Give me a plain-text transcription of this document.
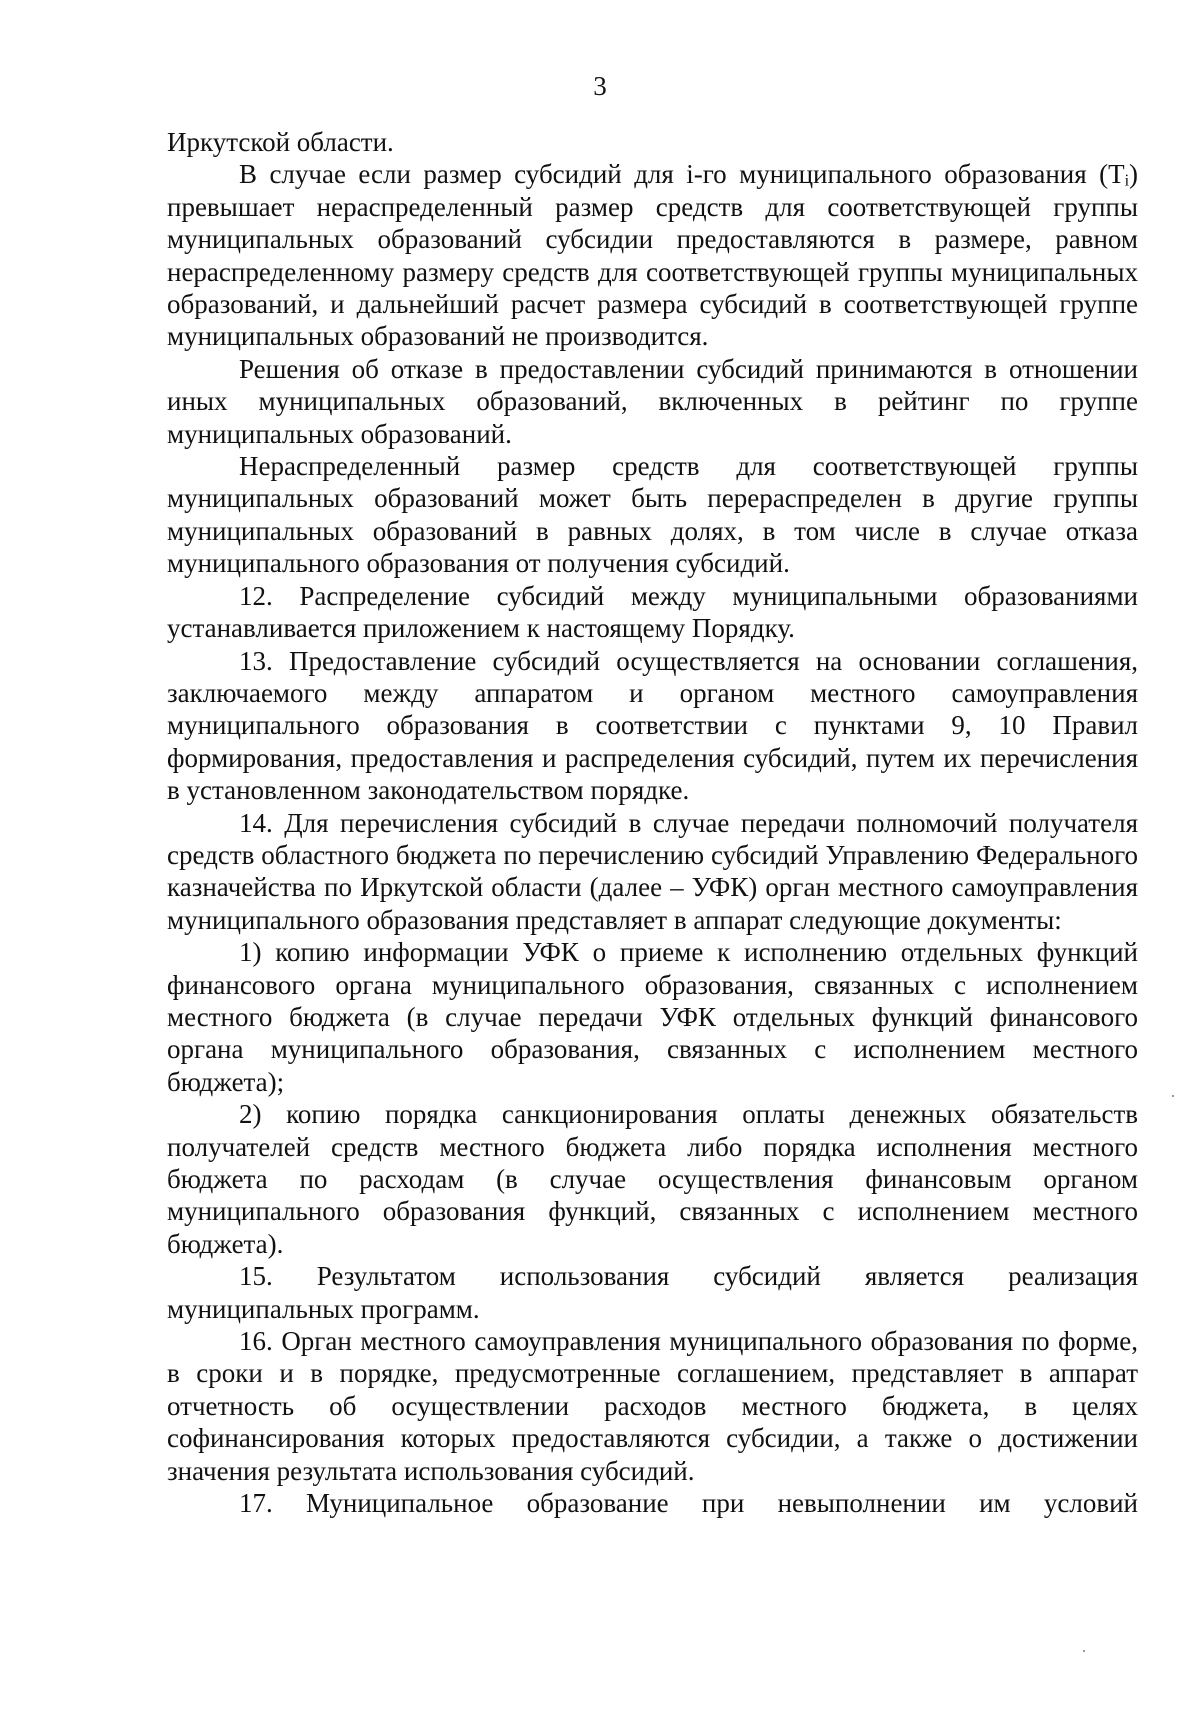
3

Иркутской области.

В случае если размер субсидий для i-го муниципального образования (Tᵢ) превышает нераспределенный размер средств для соответствующей группы муниципальных образований субсидии предоставляются в размере, равном нераспределенному размеру средств для соответствующей группы муниципальных образований, и дальнейший расчет размера субсидий в соответствующей группе муниципальных образований не производится.

Решения об отказе в предоставлении субсидий принимаются в отношении иных муниципальных образований, включенных в рейтинг по группе муниципальных образований.

Нераспределенный размер средств для соответствующей группы муниципальных образований может быть перераспределен в другие группы муниципальных образований в равных долях, в том числе в случае отказа муниципального образования от получения субсидий.

12. Распределение субсидий между муниципальными образованиями устанавливается приложением к настоящему Порядку.

13. Предоставление субсидий осуществляется на основании соглашения, заключаемого между аппаратом и органом местного самоуправления муниципального образования в соответствии с пунктами 9, 10 Правил формирования, предоставления и распределения субсидий, путем их перечисления в установленном законодательством порядке.

14. Для перечисления субсидий в случае передачи полномочий получателя средств областного бюджета по перечислению субсидий Управлению Федерального казначейства по Иркутской области (далее – УФК) орган местного самоуправления муниципального образования представляет в аппарат следующие документы:

1) копию информации УФК о приеме к исполнению отдельных функций финансового органа муниципального образования, связанных с исполнением местного бюджета (в случае передачи УФК отдельных функций финансового органа муниципального образования, связанных с исполнением местного бюджета);

2) копию порядка санкционирования оплаты денежных обязательств получателей средств местного бюджета либо порядка исполнения местного бюджета по расходам (в случае осуществления финансовым органом муниципального образования функций, связанных с исполнением местного бюджета).

15. Результатом использования субсидий является реализация муниципальных программ.

16. Орган местного самоуправления муниципального образования по форме, в сроки и в порядке, предусмотренные соглашением, представляет в аппарат отчетность об осуществлении расходов местного бюджета, в целях софинансирования которых предоставляются субсидии, а также о достижении значения результата использования субсидий.

17. Муниципальное образование при невыполнении им условий
